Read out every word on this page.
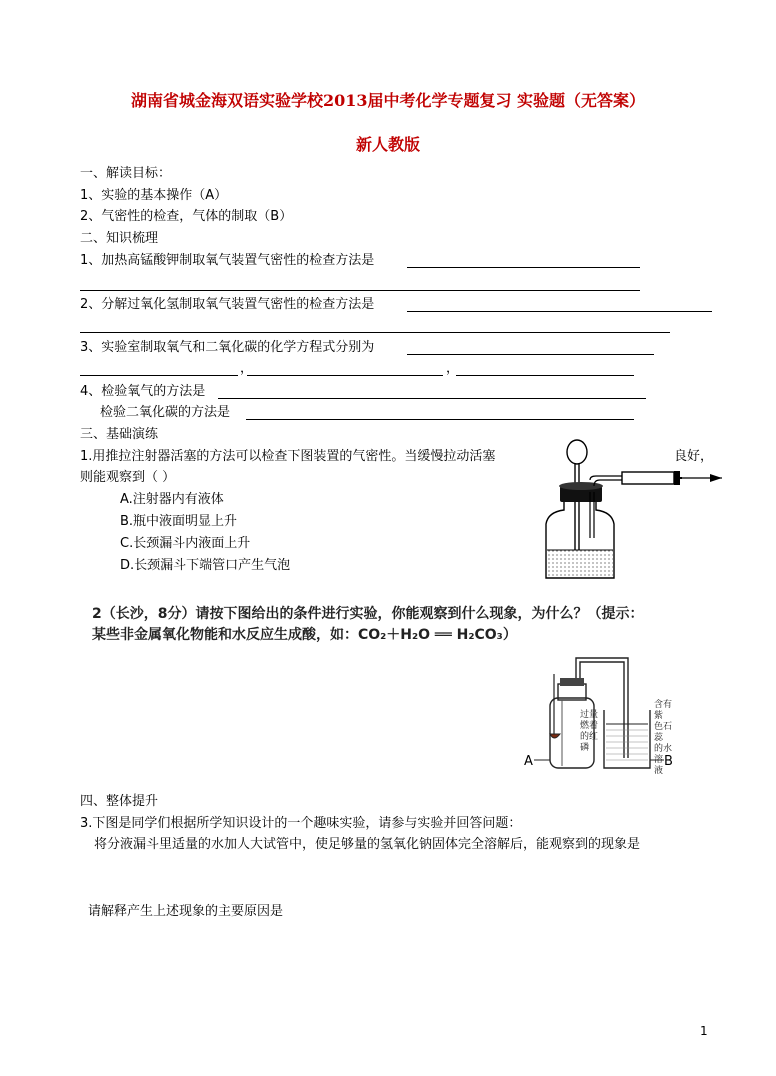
湖南省城金海双语实验学校2013届中考化学专题复习 实验题（无答案）
新人教版
一、解读目标：
1、实验的基本操作（A）
2、气密性的检查，气体的制取（B）
二、知识梳理
1、加热高锰酸钾制取氧气装置气密性的检查方法是
2、分解过氧化氢制取氧气装置气密性的检查方法是
3、实验室制取氧气和二氧化碳的化学方程式分别为
，	，
4、检验氧气的方法是
检验二氧化碳的方法是
三、基础演练
1.用推拉注射器活塞的方法可以检查下图装置的气密性。当缓慢拉动活塞	良好，
则能观察到（ ）
A.注射器内有液体
B.瓶中液面明显上升
C.长颈漏斗内液面上升
D.长颈漏斗下端管口产生气泡
2（长沙，8分）请按下图给出的条件进行实验，你能观察到什么现象，为什么？（提示：
某些非金属氧化物能和水反应生成酸，如：CO₂＋H₂O ══ H₂CO₃）
过量
燃着
的红
磷
含有紫
色石蕊
的水溶
液
A	B
四、整体提升
3.下图是同学们根据所学知识设计的一个趣味实验，请参与实验并回答问题：
将分液漏斗里适量的水加人大试管中，使足够量的氢氧化钠固体完全溶解后，能观察到的现象是
请解释产生上述现象的主要原因是
1
